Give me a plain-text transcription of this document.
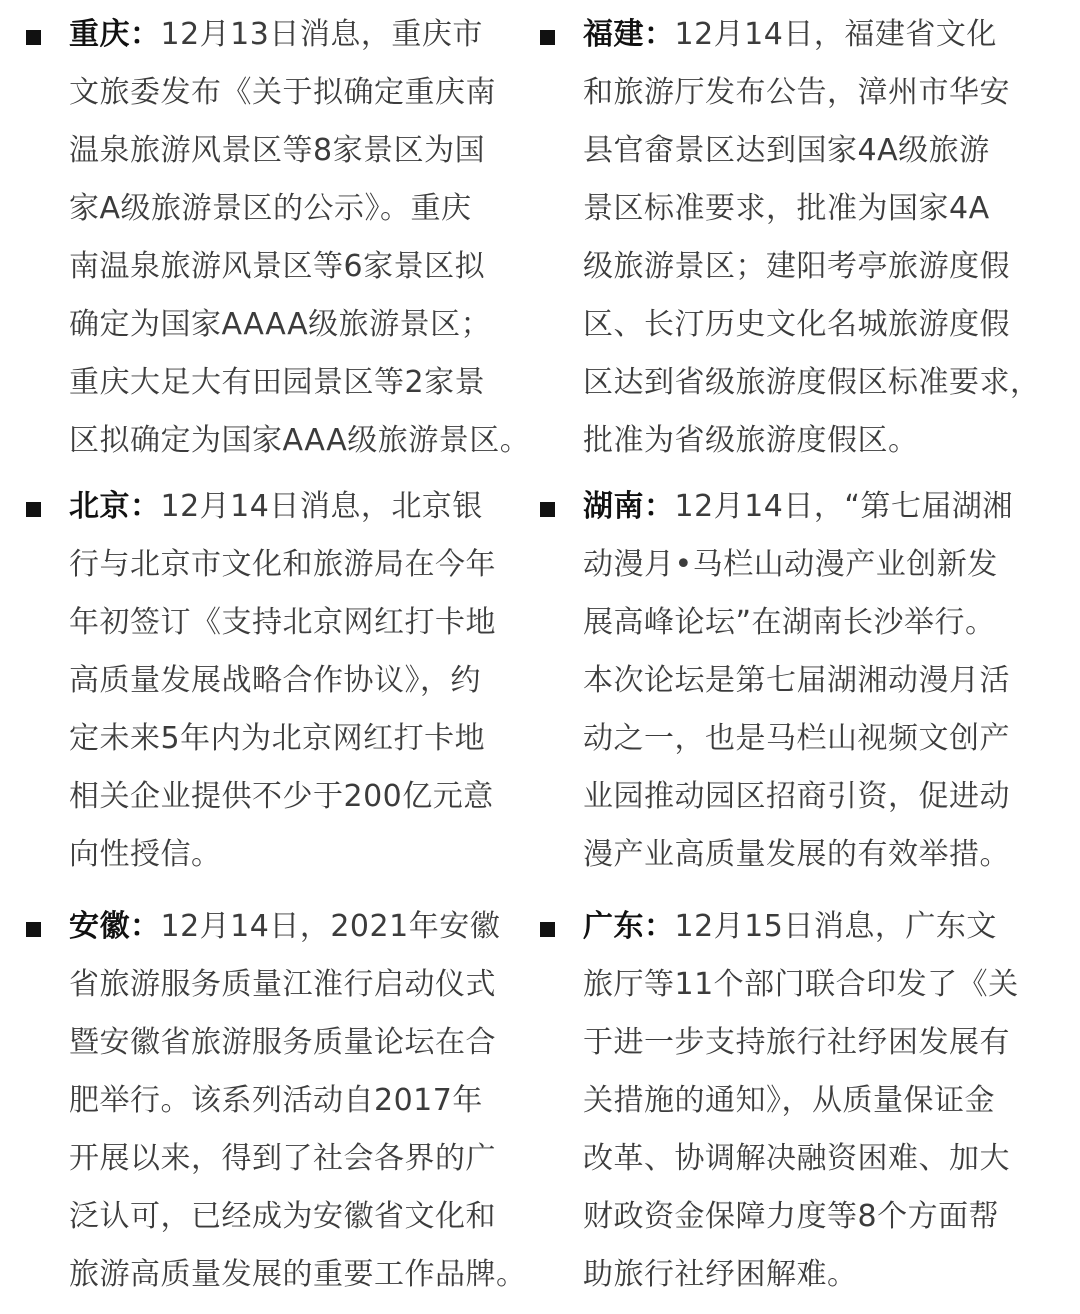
重庆：12月13日消息，重庆市
文旅委发布《关于拟确定重庆南
温泉旅游风景区等8家景区为国
家A级旅游景区的公示》。重庆
南温泉旅游风景区等6家景区拟
确定为国家AAAA级旅游景区；
重庆大足大有田园景区等2家景
区拟确定为国家AAA级旅游景区。
福建：12月14日，福建省文化
和旅游厅发布公告，漳州市华安
县官畲景区达到国家4A级旅游
景区标准要求，批准为国家4A
级旅游景区；建阳考亭旅游度假
区、长汀历史文化名城旅游度假
区达到省级旅游度假区标准要求，
批准为省级旅游度假区。
北京：12月14日消息，北京银
行与北京市文化和旅游局在今年
年初签订《支持北京网红打卡地
高质量发展战略合作协议》，约
定未来5年内为北京网红打卡地
相关企业提供不少于200亿元意
向性授信。
湖南：12月14日，“第七届湖湘
动漫月•马栏山动漫产业创新发
展高峰论坛”在湖南长沙举行。
本次论坛是第七届湖湘动漫月活
动之一，也是马栏山视频文创产
业园推动园区招商引资，促进动
漫产业高质量发展的有效举措。
安徽：12月14日，2021年安徽
省旅游服务质量江淮行启动仪式
暨安徽省旅游服务质量论坛在合
肥举行。该系列活动自2017年
开展以来，得到了社会各界的广
泛认可，已经成为安徽省文化和
旅游高质量发展的重要工作品牌。
广东：12月15日消息，广东文
旅厅等11个部门联合印发了《关
于进一步支持旅行社纾困发展有
关措施的通知》，从质量保证金
改革、协调解决融资困难、加大
财政资金保障力度等8个方面帮
助旅行社纾困解难。
